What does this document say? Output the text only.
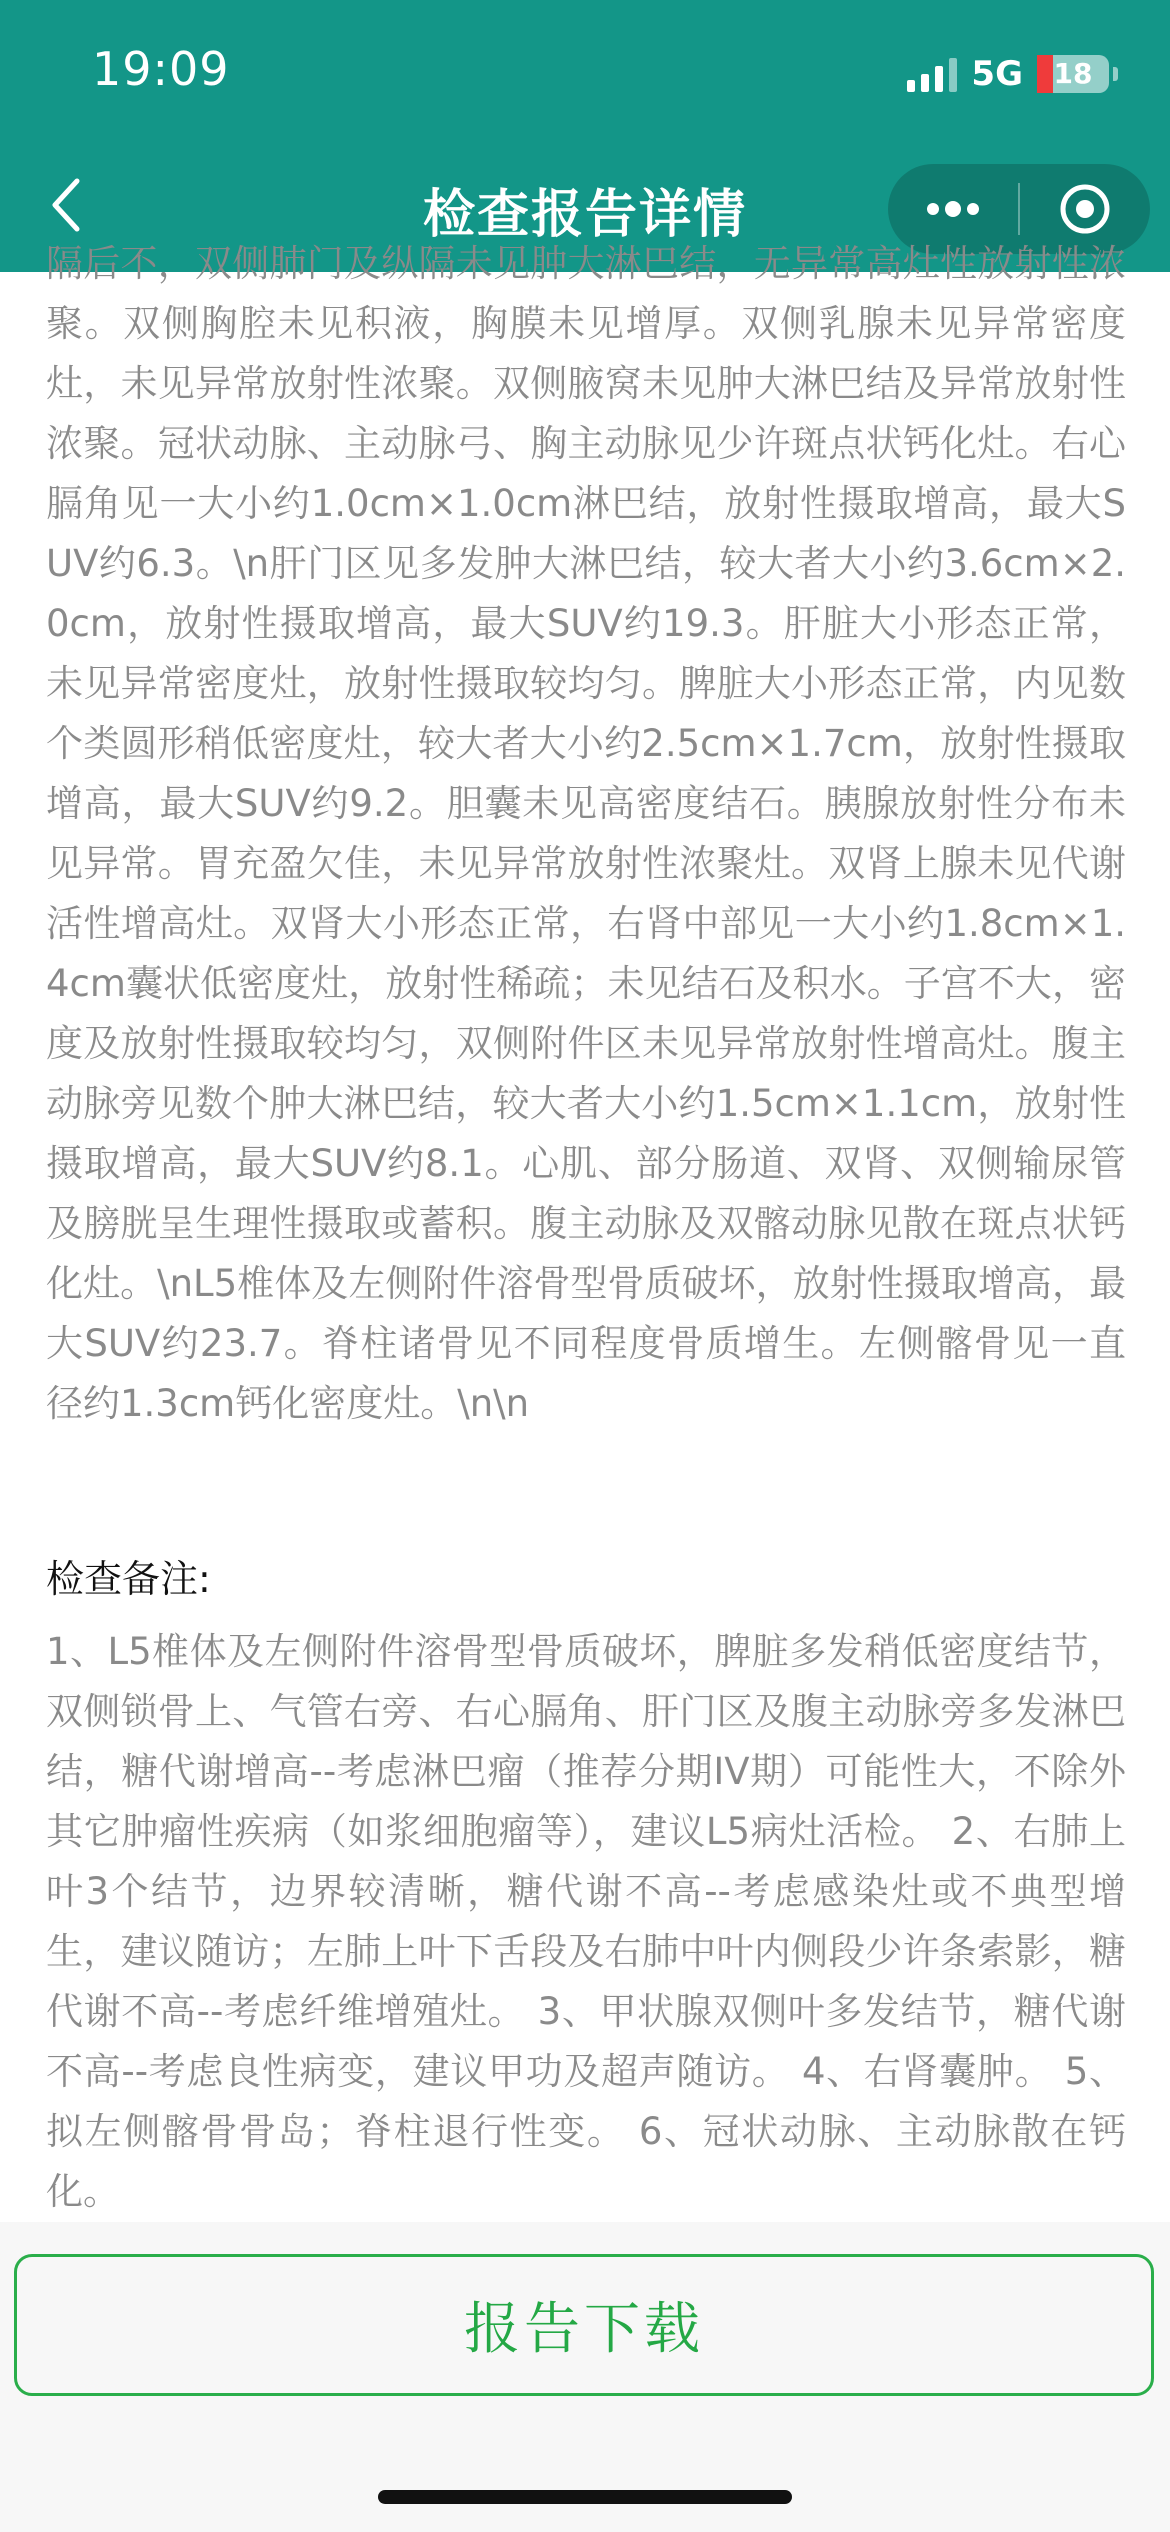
19:09	5G	18
检查报告详情
隔后不，双侧肺门及纵隔未见肿大淋巴结，无异常高灶性放射性浓聚。双侧胸腔未见积液，胸膜未见增厚。双侧乳腺未见异常密度灶，未见异常放射性浓聚。双侧腋窝未见肿大淋巴结及异常放射性浓聚。冠状动脉、主动脉弓、胸主动脉见少许斑点状钙化灶。右心膈角见一大小约1.0cm×1.0cm淋巴结，放射性摄取增高，最大SUV约6.3。\n肝门区见多发肿大淋巴结，较大者大小约3.6cm×2.0cm，放射性摄取增高，最大SUV约19.3。肝脏大小形态正常，未见异常密度灶，放射性摄取较均匀。脾脏大小形态正常，内见数个类圆形稍低密度灶，较大者大小约2.5cm×1.7cm，放射性摄取增高，最大SUV约9.2。胆囊未见高密度结石。胰腺放射性分布未见异常。胃充盈欠佳，未见异常放射性浓聚灶。双肾上腺未见代谢活性增高灶。双肾大小形态正常，右肾中部见一大小约1.8cm×1.4cm囊状低密度灶，放射性稀疏；未见结石及积水。子宫不大，密度及放射性摄取较均匀，双侧附件区未见异常放射性增高灶。腹主动脉旁见数个肿大淋巴结，较大者大小约1.5cm×1.1cm，放射性摄取增高，最大SUV约8.1。心肌、部分肠道、双肾、双侧输尿管及膀胱呈生理性摄取或蓄积。腹主动脉及双髂动脉见散在斑点状钙化灶。\nL5椎体及左侧附件溶骨型骨质破坏，放射性摄取增高，最大SUV约23.7。脊柱诸骨见不同程度骨质增生。左侧髂骨见一直径约1.3cm钙化密度灶。\n\n
检查备注:
1、L5椎体及左侧附件溶骨型骨质破坏，脾脏多发稍低密度结节，双侧锁骨上、气管右旁、右心膈角、肝门区及腹主动脉旁多发淋巴结，糖代谢增高--考虑淋巴瘤（推荐分期IV期）可能性大，不除外其它肿瘤性疾病（如浆细胞瘤等），建议L5病灶活检。 2、右肺上叶3个结节，边界较清晰，糖代谢不高--考虑感染灶或不典型增生，建议随访；左肺上叶下舌段及右肺中叶内侧段少许条索影，糖代谢不高--考虑纤维增殖灶。 3、甲状腺双侧叶多发结节，糖代谢不高--考虑良性病变，建议甲功及超声随访。 4、右肾囊肿。 5、拟左侧髂骨骨岛；脊柱退行性变。 6、冠状动脉、主动脉散在钙化。
报告下载
